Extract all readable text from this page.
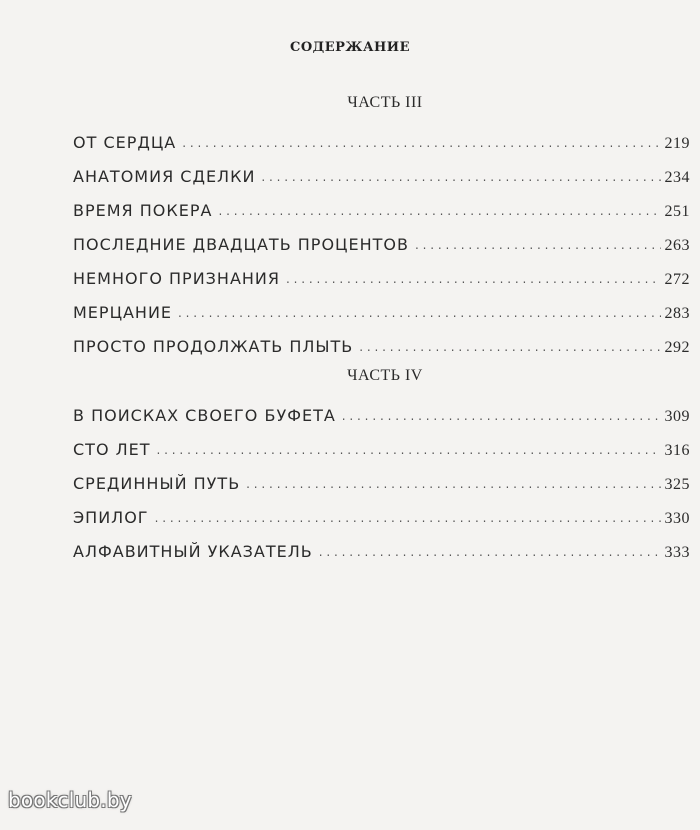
СОДЕРЖАНИЕ
ЧАСТЬ III
ОТ СЕРДЦА . . .	219
АНАТОМИЯ СДЕЛКИ . . .	234
ВРЕМЯ ПОКЕРА . . .	251
ПОСЛЕДНИЕ ДВАДЦАТЬ ПРОЦЕНТОВ . . .	263
НЕМНОГО ПРИЗНАНИЯ . . .	272
МЕРЦАНИЕ . . .	283
ПРОСТО ПРОДОЛЖАТЬ ПЛЫТЬ . . .	292
ЧАСТЬ IV
В ПОИСКАХ СВОЕГО БУФЕТА . . .	309
СТО ЛЕТ . . .	316
СРЕДИННЫЙ ПУТЬ . . .	325
ЭПИЛОГ . . .	330
АЛФАВИТНЫЙ УКАЗАТЕЛЬ . . .	333
bookclub.by
